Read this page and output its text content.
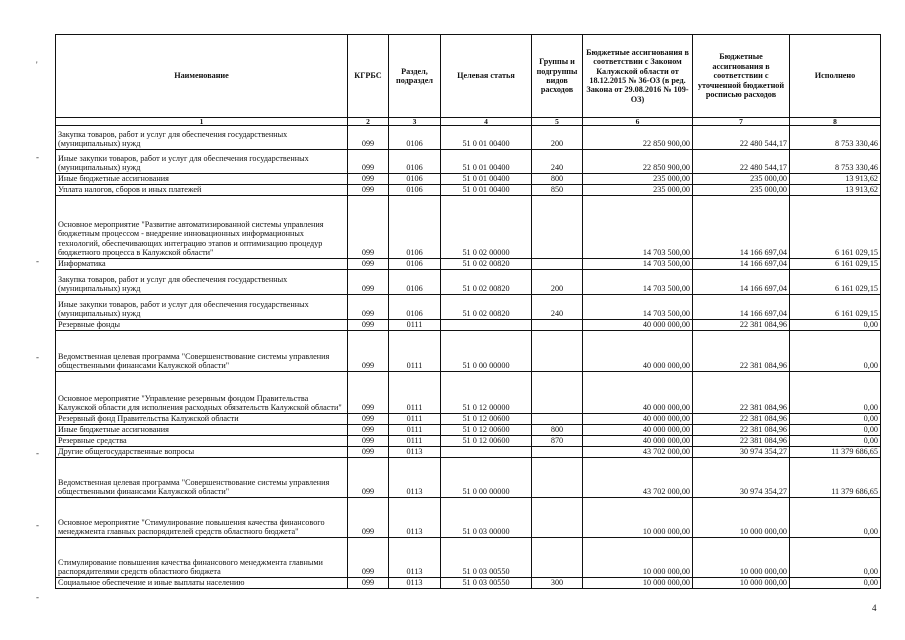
'
-
-
-
-
-
-
Наименование	КГРБС	Раздел, подраздел	Целевая статья	Группы и подгруппы видов расходов	Бюджетные ассигнования в соответствии с Законом Калужской области от 18.12.2015 № 36-ОЗ (в ред. Закона от 29.08.2016 № 109-ОЗ)	Бюджетные ассигнования в соответствии с уточненной бюджетной росписью расходов	Исполнено
1	2	3	4	5	6	7	8
Закупка товаров, работ и услуг для обеспечения государственных (муниципальных) нужд	099	0106	51 0 01 00400	200	22 850 900,00	22 480 544,17	8 753 330,46
Иные закупки товаров, работ и услуг для обеспечения государственных (муниципальных) нужд	099	0106	51 0 01 00400	240	22 850 900,00	22 480 544,17	8 753 330,46
Иные бюджетные ассигнования	099	0106	51 0 01 00400	800	235 000,00	235 000,00	13 913,62
Уплата налогов, сборов и иных платежей	099	0106	51 0 01 00400	850	235 000,00	235 000,00	13 913,62
Основное мероприятие "Развитие автоматизированной системы управления бюджетным процессом - внедрение инновационных информационных технологий, обеспечивающих интеграцию этапов и оптимизацию процедур бюджетного процесса в Калужской области"	099	0106	51 0 02 00000		14 703 500,00	14 166 697,04	6 161 029,15
Информатика	099	0106	51 0 02 00820		14 703 500,00	14 166 697,04	6 161 029,15
Закупка товаров, работ и услуг для обеспечения государственных (муниципальных) нужд	099	0106	51 0 02 00820	200	14 703 500,00	14 166 697,04	6 161 029,15
Иные закупки товаров, работ и услуг для обеспечения государственных (муниципальных) нужд	099	0106	51 0 02 00820	240	14 703 500,00	14 166 697,04	6 161 029,15
Резервные фонды	099	0111			40 000 000,00	22 381 084,96	0,00
Ведомственная целевая программа "Совершенствование системы управления общественными финансами Калужской области"	099	0111	51 0 00 00000		40 000 000,00	22 381 084,96	0,00
Основное мероприятие "Управление резервным фондом Правительства Калужской области для исполнения расходных обязательств Калужской области"	099	0111	51 0 12 00000		40 000 000,00	22 381 084,96	0,00
Резервный фонд Правительства Калужской области	099	0111	51 0 12 00600		40 000 000,00	22 381 084,96	0,00
Иные бюджетные ассигнования	099	0111	51 0 12 00600	800	40 000 000,00	22 381 084,96	0,00
Резервные средства	099	0111	51 0 12 00600	870	40 000 000,00	22 381 084,96	0,00
Другие общегосударственные вопросы	099	0113			43 702 000,00	30 974 354,27	11 379 686,65
Ведомственная целевая программа "Совершенствование системы управления общественными финансами Калужской области"	099	0113	51 0 00 00000		43 702 000,00	30 974 354,27	11 379 686,65
Основное мероприятие "Стимулирование повышения качества финансового менеджмента главных распорядителей средств областного бюджета"	099	0113	51 0 03 00000		10 000 000,00	10 000 000,00	0,00
Стимулирование повышения качества финансового менеджмента главными распорядителями средств областного бюджета	099	0113	51 0 03 00550		10 000 000,00	10 000 000,00	0,00
Социальное обеспечение и иные выплаты населению	099	0113	51 0 03 00550	300	10 000 000,00	10 000 000,00	0,00
4
